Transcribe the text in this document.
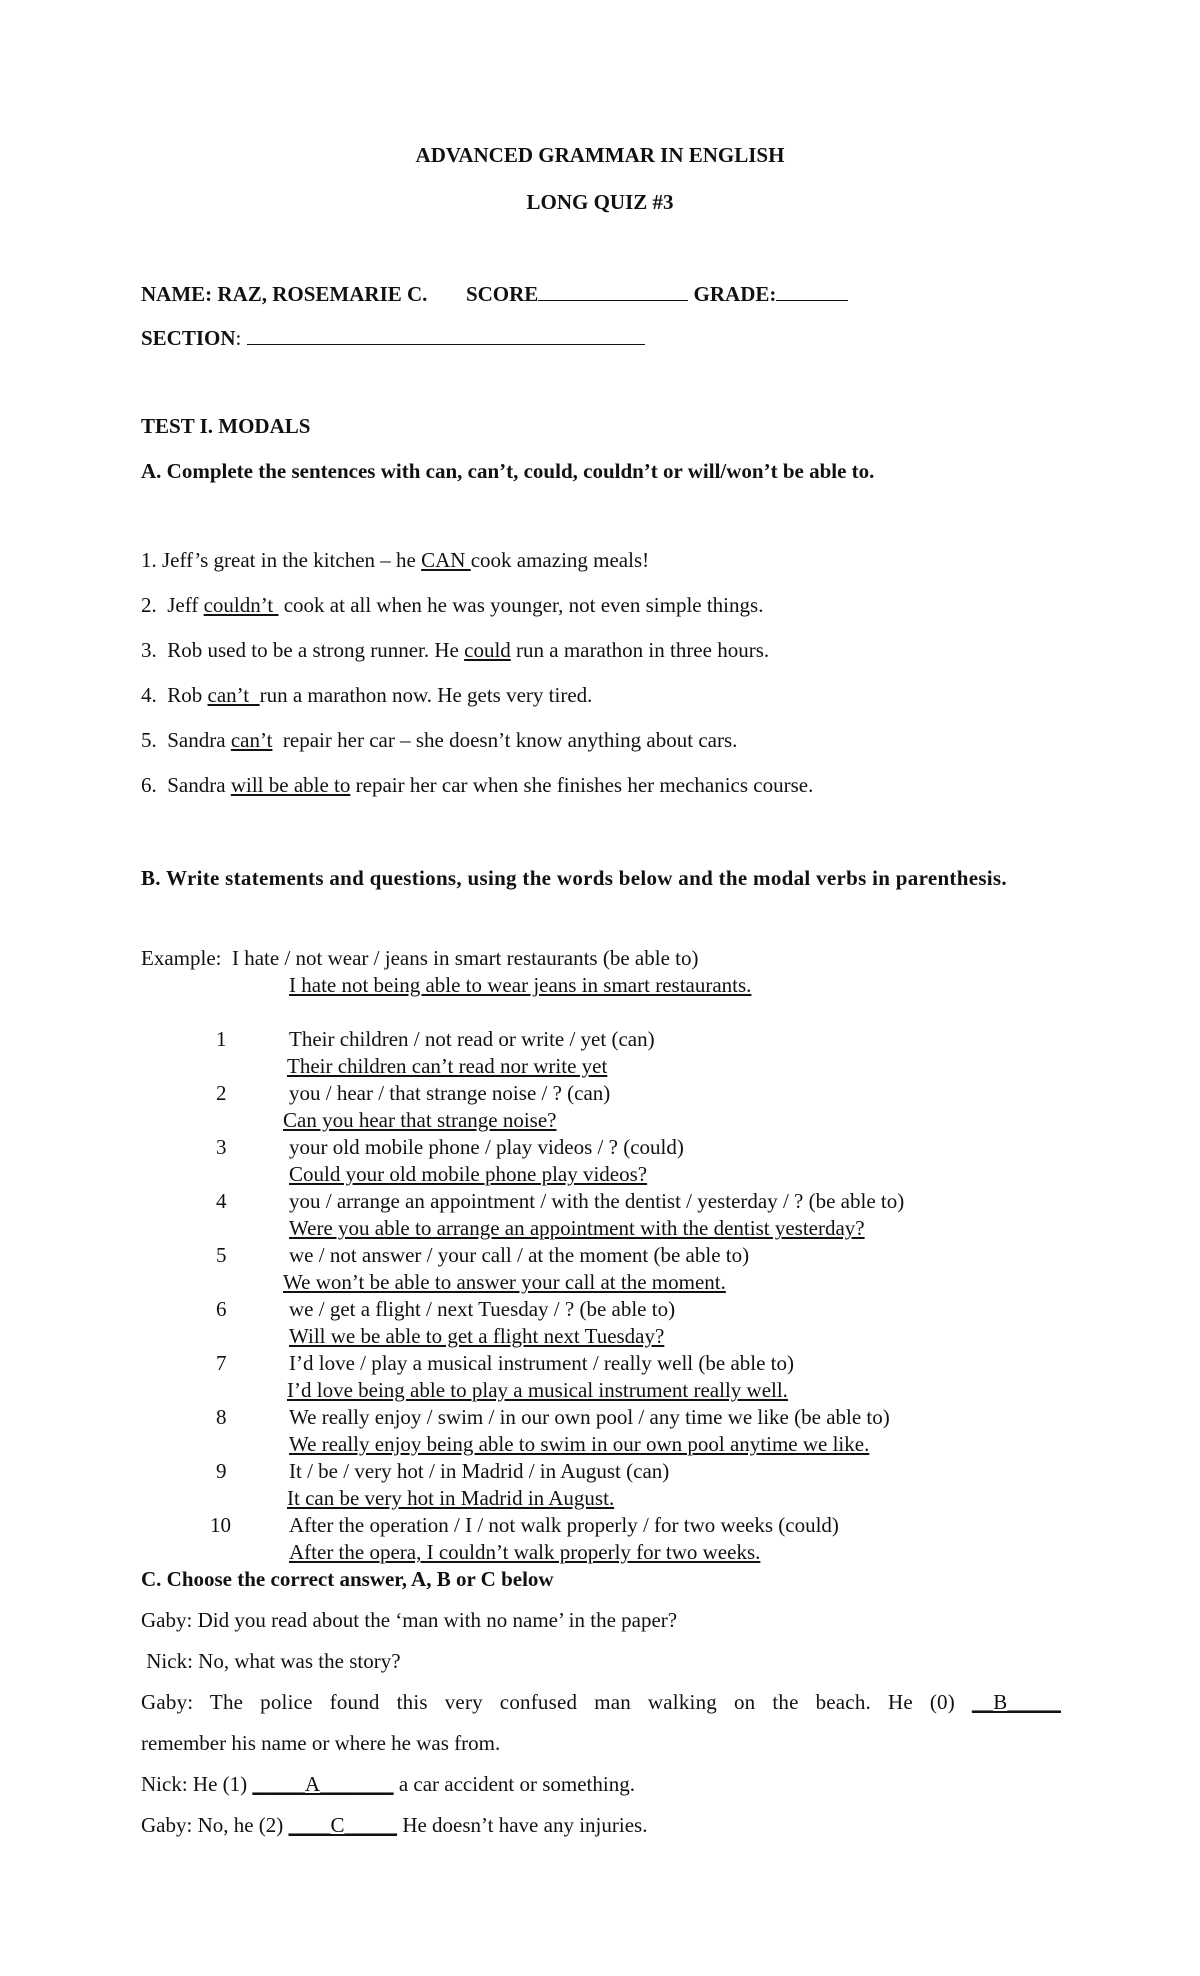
ADVANCED GRAMMAR IN ENGLISH
LONG QUIZ #3
NAME: RAZ, ROSEMARIE C. SCORE	GRADE:
SECTION:
TEST I. MODALS
A. Complete the sentences with can, can’t, could, couldn’t or will/won’t be able to.
1. Jeff’s great in the kitchen – he CAN cook amazing meals!
2.  Jeff couldn’t  cook at all when he was younger, not even simple things.
3.  Rob used to be a strong runner. He could run a marathon in three hours.
4.  Rob can’t  run a marathon now. He gets very tired.
5.  Sandra can’t  repair her car – she doesn’t know anything about cars.
6.  Sandra will be able to repair her car when she finishes her mechanics course.
B. Write statements and questions, using the words below and the modal verbs in parenthesis.
Example: I hate / not wear / jeans in smart restaurants (be able to)
I hate not being able to wear jeans in smart restaurants.
1	Their children / not read or write / yet (can)
Their children can’t read nor write yet
2	you / hear / that strange noise / ? (can)
Can you hear that strange noise?
3	your old mobile phone / play videos / ? (could)
Could your old mobile phone play videos?
4	you / arrange an appointment / with the dentist / yesterday / ? (be able to)
Were you able to arrange an appointment with the dentist yesterday?
5	we / not answer / your call / at the moment (be able to)
We won’t be able to answer your call at the moment.
6	we / get a flight / next Tuesday / ? (be able to)
Will we be able to get a flight next Tuesday?
7	I’d love / play a musical instrument / really well (be able to)
I’d love being able to play a musical instrument really well.
8	We really enjoy / swim / in our own pool / any time we like (be able to)
We really enjoy being able to swim in our own pool anytime we like.
9	It / be / very hot / in Madrid / in August (can)
It can be very hot in Madrid in August.
10	After the operation / I / not walk properly / for two weeks (could)
After the opera, I couldn’t walk properly for two weeks.
C. Choose the correct answer, A, B or C below
Gaby: Did you read about the ‘man with no name’ in the paper?
Nick: No, what was the story?
Gaby: The police found this very confused man walking on the beach. He (0) __B_____
remember his name or where he was from.
Nick: He (1) _____A_______ a car accident or something.
Gaby: No, he (2) ____C_____ He doesn’t have any injuries.
